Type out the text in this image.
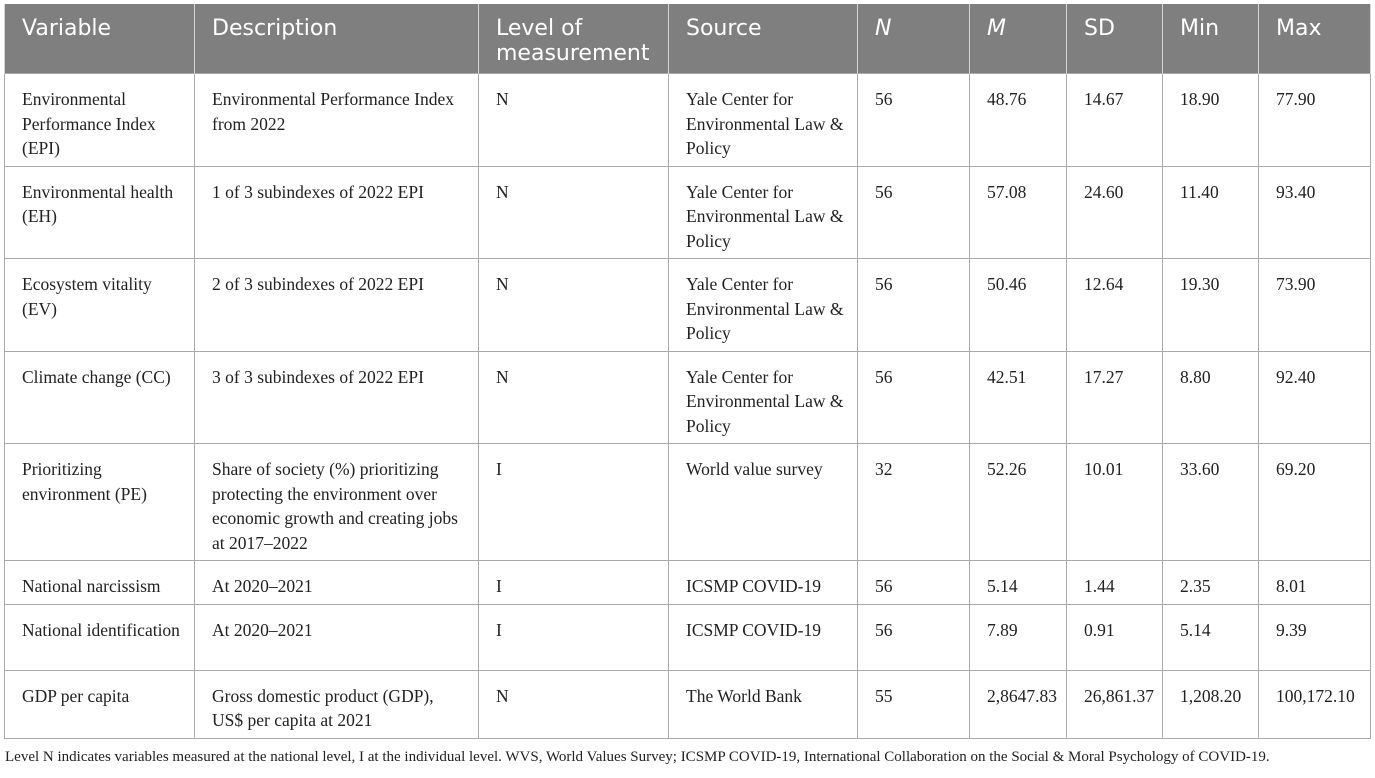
Variable	Description	Level of measurement	Source	N	M	SD	Min	Max
Environmental Performance Index (EPI)	Environmental Performance Index from 2022	N	Yale Center for Environmental Law & Policy	56	48.76	14.67	18.90	77.90
Environmental health (EH)	1 of 3 subindexes of 2022 EPI	N	Yale Center for Environmental Law & Policy	56	57.08	24.60	11.40	93.40
Ecosystem vitality (EV)	2 of 3 subindexes of 2022 EPI	N	Yale Center for Environmental Law & Policy	56	50.46	12.64	19.30	73.90
Climate change (CC)	3 of 3 subindexes of 2022 EPI	N	Yale Center for Environmental Law & Policy	56	42.51	17.27	8.80	92.40
Prioritizing environment (PE)	Share of society (%) prioritizing protecting the environment over economic growth and creating jobs at 2017–2022	I	World value survey	32	52.26	10.01	33.60	69.20
National narcissism	At 2020–2021	I	ICSMP COVID-19	56	5.14	1.44	2.35	8.01
National identification	At 2020–2021	I	ICSMP COVID-19	56	7.89	0.91	5.14	9.39
GDP per capita	Gross domestic product (GDP), US$ per capita at 2021	N	The World Bank	55	2,8647.83	26,861.37	1,208.20	100,172.10
Level N indicates variables measured at the national level, I at the individual level. WVS, World Values Survey; ICSMP COVID-19, International Collaboration on the Social & Moral Psychology of COVID-19.
